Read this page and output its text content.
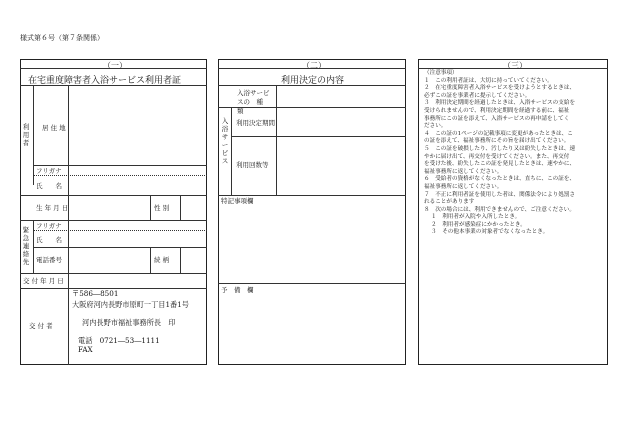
様式第６号（第７条関係）
（一）
在宅重度障害者入浴サービス利用者証
利用者
居 住 地
フリガナ
氏　　名
生 年 月 日	性 別
緊急連絡先
フリガナ
氏　　名
電話番号	続 柄
交 付 年 月 日
交 付 者
〒586―8501
大阪府河内長野市原町一丁目1番1号
河内長野市福祉事務所長　印
電話　0721―53―1111
FAX
（二）
利用決定の内容
入浴サービスの　種　類
入浴サービス
利用決定期間
利用回数等
特記事項欄
予　備　欄
（三）
（注意事項）
１　この利用者証は、大切に持っていてください。
２　在宅重度障害者入浴サービスを受けようとするときは、
必ずこの証を事業者に提示してください。
３　利用決定期間を経過したときは、入浴サービスの支給を
受けられませんので、利用決定期間を経過する前に、福祉
事務所にこの証を添えて、入浴サービスの再申請をしてく
ださい。
４　この証の1ページの記載事項に変更があったときは、こ
の証を添えて、福祉事務所にその旨を届け出てください。
５　この証を破損したり、汚したり又は紛失したときは、速
やかに届け出て、再交付を受けてください。また、再交付
を受けた後、紛失したこの証を発見したときは、速やかに、
福祉事務所に返してください。
６　受給者の資格がなくなったときは、直ちに、この証を、
福祉事務所に返してください。
７　不正に利用者証を使用した者は、関係法令により処罰さ
れることがあります
８　次の場合には、利用できませんので、ご注意ください。
１　利用者が入院や入所したとき。
２　利用者が感染症にかかったとき。
３　その他本事業の対象者でなくなったとき。
